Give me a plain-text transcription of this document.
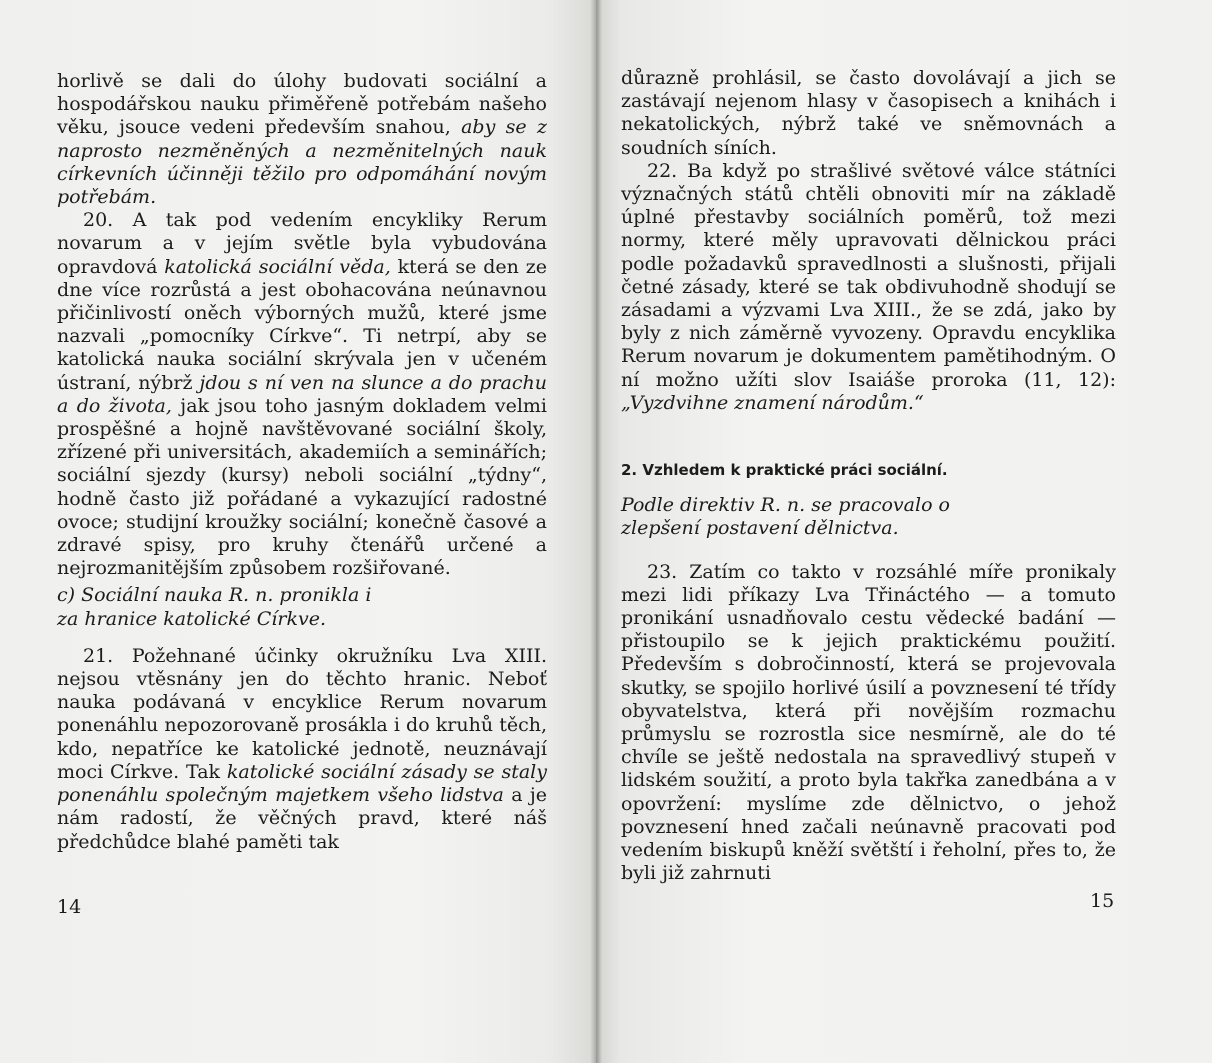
horlivě se dali do úlohy budovati sociální a hospodářskou nauku přiměřeně potřebám našeho věku, jsouce vedeni především snahou, aby se z naprosto nezměněných a nezměnitelných nauk církevních účinněji těžilo pro odpomáhání novým potřebám.

20. A tak pod vedením encykliky Rerum novarum a v jejím světle byla vybudována opravdová katolická sociální věda, která se den ze dne více rozrůstá a jest obohacována neúnavnou přičinlivostí oněch výborných mužů, které jsme nazvali „pomocníky Církve“. Ti netrpí, aby se katolická nauka sociální skrývala jen v učeném ústraní, nýbrž jdou s ní ven na slunce a do prachu a do života, jak jsou toho jasným dokladem velmi prospěšné a hojně navštěvované sociální školy, zřízené při universitách, akademiích a seminářích; sociální sjezdy (kursy) neboli sociální „týdny“, hodně často již pořádané a vykazující radostné ovoce; studijní kroužky sociální; konečně časové a zdravé spisy, pro kruhy čtenářů určené a nejrozmanitějším způsobem rozšiřované.

c) Sociální nauka R. n. pronikla i
za hranice katolické Církve.

21. Požehnané účinky okružníku Lva XIII. nejsou vtěsnány jen do těchto hranic. Neboť nauka podávaná v encyklice Rerum novarum ponenáhlu nepozorovaně prosákla i do kruhů těch, kdo, nepatříce ke katolické jednotě, neuznávají moci Církve. Tak katolické sociální zásady se staly ponenáhlu společným majetkem všeho lidstva a je nám radostí, že věčných pravd, které náš předchůdce blahé paměti tak

14

důrazně prohlásil, se často dovolávají a jich se zastávají nejenom hlasy v časopisech a knihách i nekatolických, nýbrž také ve sněmovnách a soudních síních.

22. Ba když po strašlivé světové válce státníci význačných států chtěli obnoviti mír na základě úplné přestavby sociálních poměrů, tož mezi normy, které měly upravovati dělnickou práci podle požadavků spravedlnosti a slušnosti, přijali četné zásady, které se tak obdivuhodně shodují se zásadami a výzvami Lva XIII., že se zdá, jako by byly z nich záměrně vyvozeny. Opravdu encyklika Rerum novarum je dokumentem pamětihodným. O ní možno užíti slov Isaiáše proroka (11, 12): „Vyzdvihne znamení národům.“

2. Vzhledem k praktické práci sociální.

Podle direktiv R. n. se pracovalo o
zlepšení postavení dělnictva.

23. Zatím co takto v rozsáhlé míře pronikaly mezi lidi příkazy Lva Třináctého — a tomuto pronikání usnadňovalo cestu vědecké badání — přistoupilo se k jejich praktickému použití. Především s dobročinností, která se projevovala skutky, se spojilo horlivé úsilí a povznesení té třídy obyvatelstva, která při novějším rozmachu průmyslu se rozrostla sice nesmírně, ale do té chvíle se ještě nedostala na spravedlivý stupeň v lidském soužití, a proto byla takřka zanedbána a v opovržení: myslíme zde dělnictvo, o jehož povznesení hned začali neúnavně pracovati pod vedením biskupů kněží světští i řeholní, přes to, že byli již zahrnuti

15
